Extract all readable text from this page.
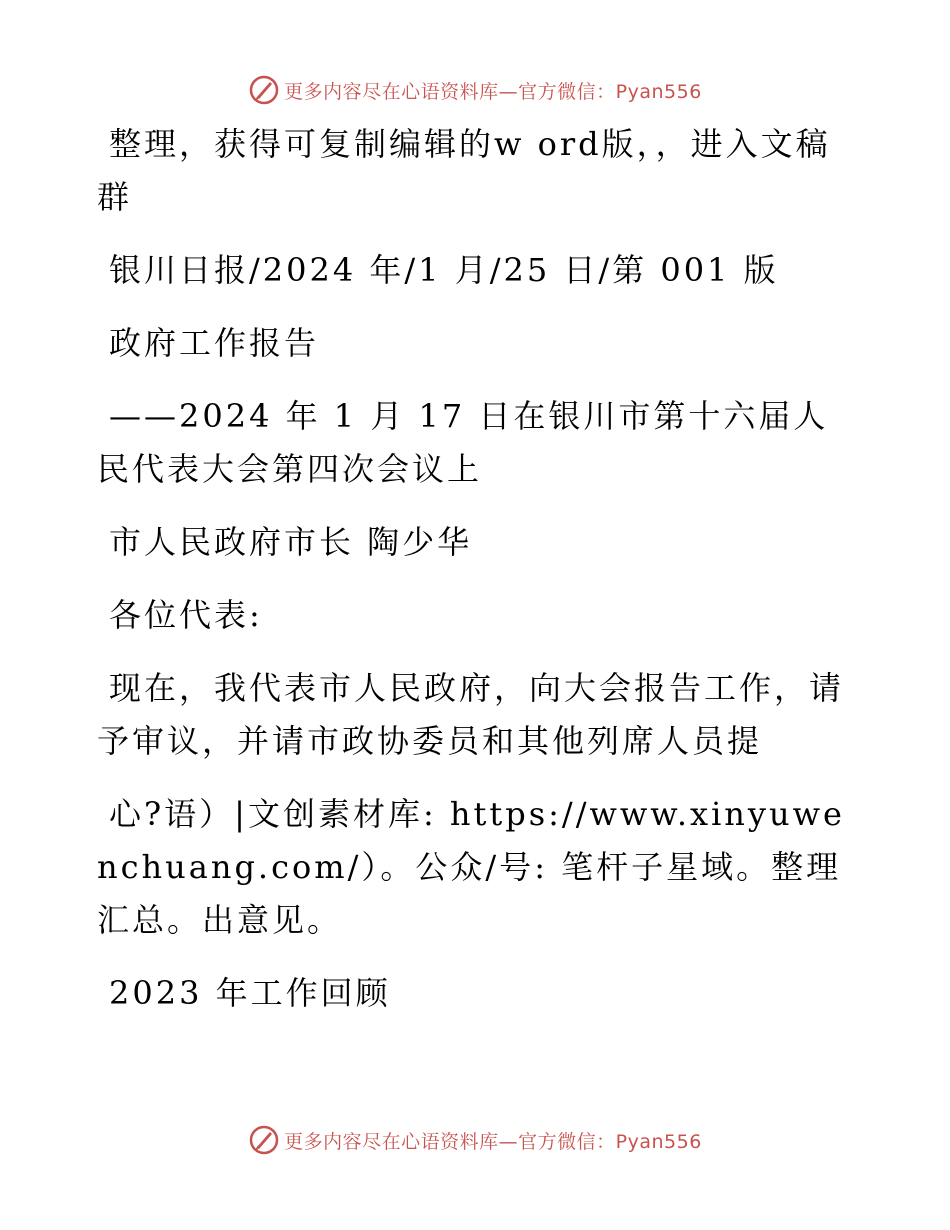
更多内容尽在心语资料库—官方微信：Pyan556

整理，获得可复制编辑的w ord版，，进入文稿群

银川日报/2024 年/1 月/25 日/第 001 版

政府工作报告

——2024 年 1 月 17 日在银川市第十六届人民代表大会第四次会议上

市人民政府市长 陶少华

各位代表:

现在，我代表市人民政府，向大会报告工作，请予审议，并请市政协委员和其他列席人员提

心?语）|文创素材库: https://www.xinyuwenchuang.com/）。公众/号: 笔杆子星域。整理汇总。出意见。

2023 年工作回顾

更多内容尽在心语资料库—官方微信：Pyan556
